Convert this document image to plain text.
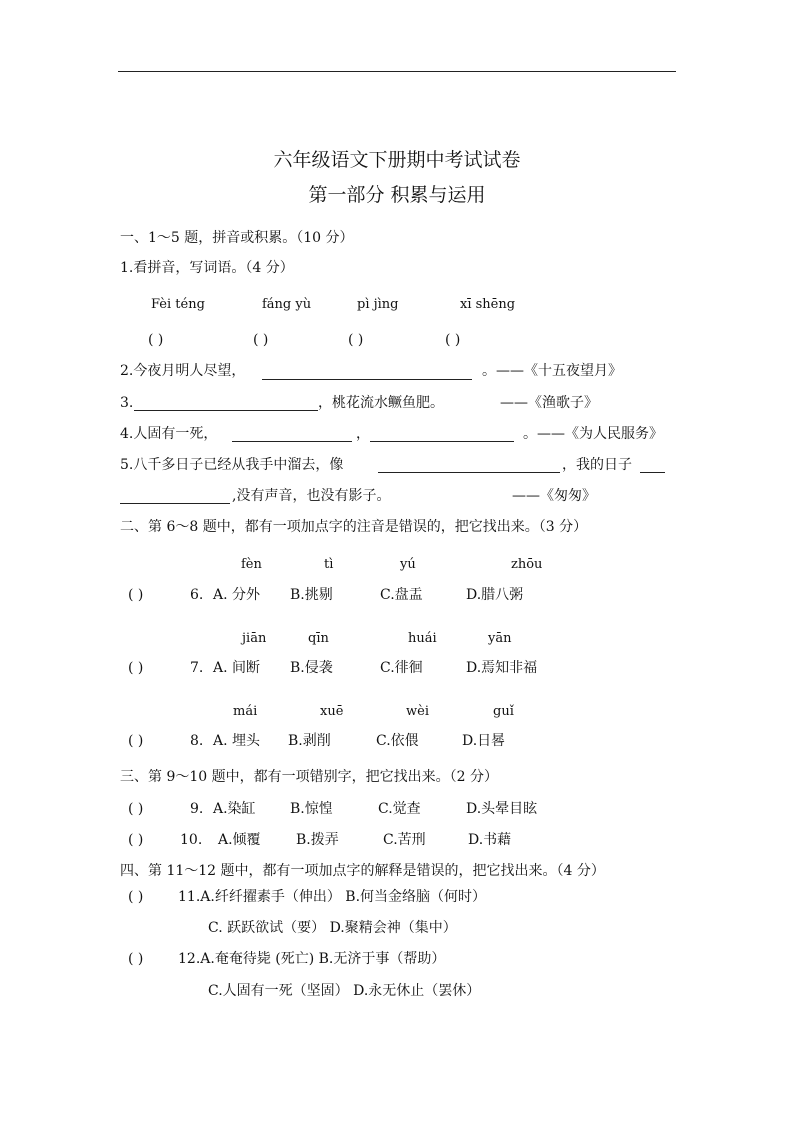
六年级语文下册期中考试试卷
第一部分 积累与运用
一、1～5 题，拼音或积累。（10 分）
1.看拼音，写词语。（4 分）
Fèi téng	fáng yù	pì jìng	xī shēng
( )	( )	( )	( )
2.今夜月明人尽望，	。——《十五夜望月》
3.	，桃花流水鳜鱼肥。	——《渔歌子》
4.人固有一死，	，	。——《为人民服务》
5.八千多日子已经从我手中溜去，像	，我的日子
,没有声音，也没有影子。	——《匆匆》
二、第 6～8 题中，都有一项加点字的注音是错误的，把它找出来。（3 分）
fèn	tì	yú	zhōu
( )	6. A. 分外 B.挑剔	C.盘盂	D.腊八粥
jiān	qīn	huái	yān
( )	7. A. 间断 B.侵袭	C.徘徊	D.焉知非福
mái	xuē	wèi	guǐ
( )	8. A. 埋头 B.剥削	C.依偎	D.日晷
三、第 9～10 题中，都有一项错别字，把它找出来。（2 分）
( )	9. A.染缸 B.惊惶	C.觉查	D.头晕目眩
( )	10. A.倾覆	B.拨弄	C.苦刑	D.书藉
四、第 11～12 题中，都有一项加点字的解释是错误的，把它找出来。（4 分）
( ) 11.A.纤纤擢素手（伸出） B.何当金络脑（何时）
C. 跃跃欲试（要） D.聚精会神（集中）
( ) 12.A.奄奄待毙 (死亡) B.无济于事（帮助）
C.人固有一死（坚固） D.永无休止（罢休）
